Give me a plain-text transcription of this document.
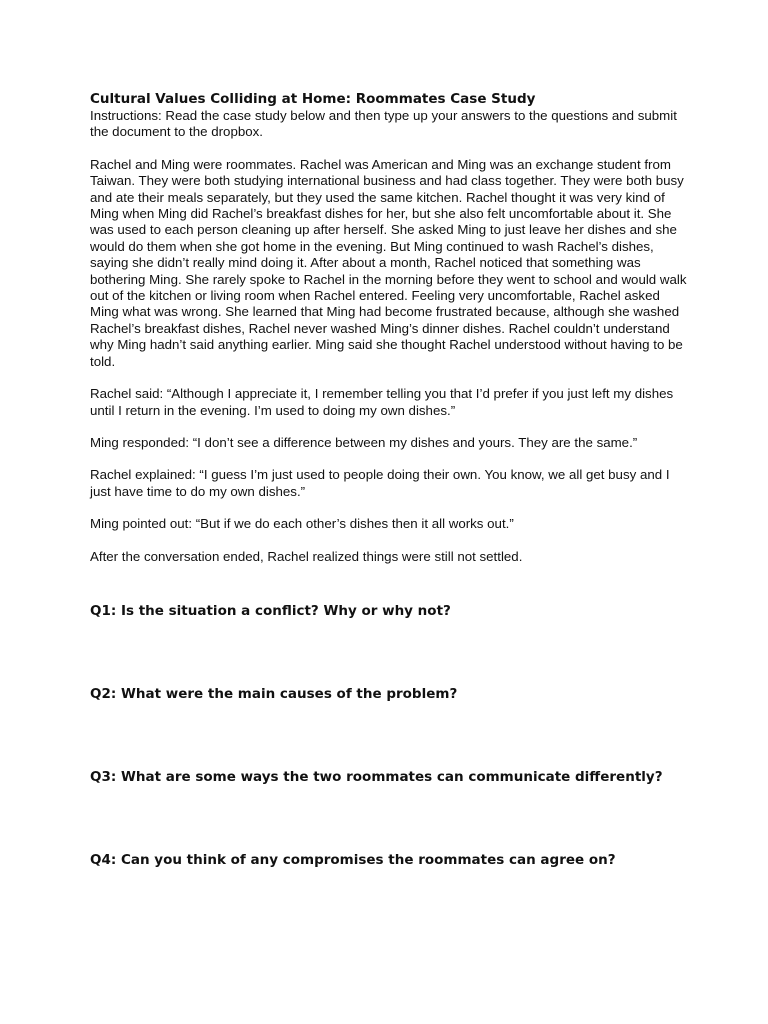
Cultural Values Colliding at Home: Roommates Case Study

Instructions: Read the case study below and then type up your answers to the questions and submit the document to the dropbox.

Rachel and Ming were roommates. Rachel was American and Ming was an exchange student from Taiwan. They were both studying international business and had class together. They were both busy and ate their meals separately, but they used the same kitchen. Rachel thought it was very kind of Ming when Ming did Rachel’s breakfast dishes for her, but she also felt uncomfortable about it. She was used to each person cleaning up after herself. She asked Ming to just leave her dishes and she would do them when she got home in the evening. But Ming continued to wash Rachel’s dishes, saying she didn’t really mind doing it. After about a month, Rachel noticed that something was bothering Ming. She rarely spoke to Rachel in the morning before they went to school and would walk out of the kitchen or living room when Rachel entered. Feeling very uncomfortable, Rachel asked Ming what was wrong. She learned that Ming had become frustrated because, although she washed Rachel’s breakfast dishes, Rachel never washed Ming’s dinner dishes. Rachel couldn’t understand why Ming hadn’t said anything earlier. Ming said she thought Rachel understood without having to be told.

Rachel said: “Although I appreciate it, I remember telling you that I’d prefer if you just left my dishes until I return in the evening. I’m used to doing my own dishes.”

Ming responded: “I don’t see a difference between my dishes and yours. They are the same.”

Rachel explained: “I guess I’m just used to people doing their own. You know, we all get busy and I just have time to do my own dishes.”

Ming pointed out: “But if we do each other’s dishes then it all works out.”

After the conversation ended, Rachel realized things were still not settled.

Q1: Is the situation a conflict? Why or why not?

Q2: What were the main causes of the problem?

Q3: What are some ways the two roommates can communicate differently?

Q4: Can you think of any compromises the roommates can agree on?
